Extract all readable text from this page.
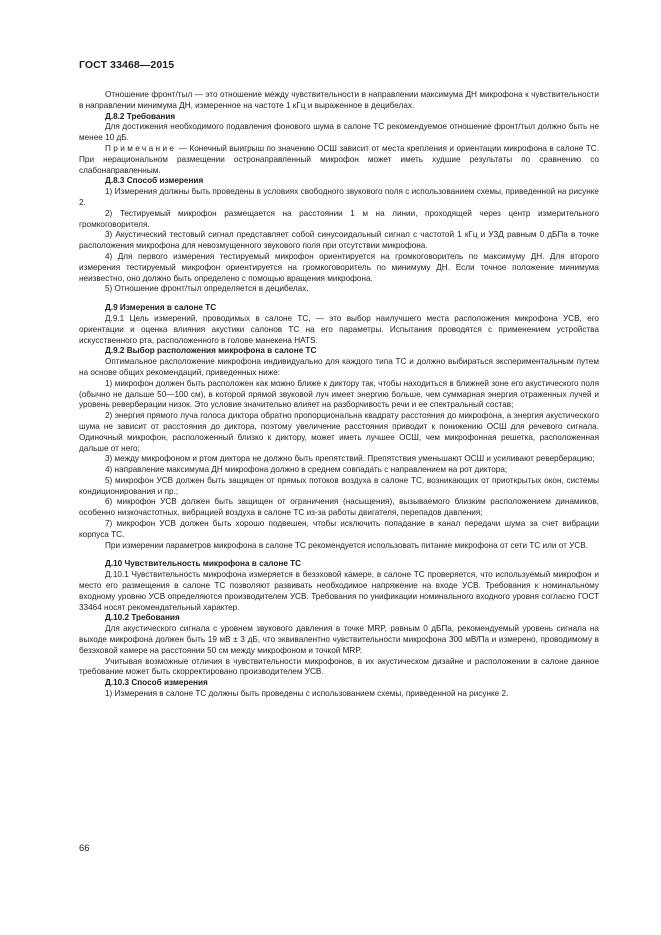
ГОСТ 33468—2015

Отношение фронт/тыл — это отношение между чувствительности в направлении максимума ДН микрофона к чувствительности в направлении минимума ДН, измеренное на частоте 1 кГц и выраженное в децибелах.

Д.8.2 Требования

Для достижения необходимого подавления фонового шума в салоне ТС рекомендуемое отношение фронт/тыл должно быть не менее 10 дБ.

Примечание — Конечный выигрыш по значению ОСШ зависит от места крепления и ориентации микрофона в салоне ТС. При нерациональном размещении остронаправленный микрофон может иметь худшие результаты по сравнению со слабонаправленным.

Д.8.3 Способ измерения

1) Измерения должны быть проведены в условиях свободного звукового поля с использованием схемы, приведенной на рисунке 2.

2) Тестируемый микрофон размещается на расстоянии 1 м на линии, проходящей через центр измерительного громкоговорителя.

3) Акустический тестовый сигнал представляет собой синусоидальный сигнал с частотой 1 кГц и УЗД равным 0 дБПа в точке расположения микрофона для невозмущенного звукового поля при отсутствии микрофона.

4) Для первого измерения тестируемый микрофон ориентируется на громкоговоритель по максимуму ДН. Для второго измерения тестируемый микрофон ориентируется на громкоговоритель по минимуму ДН. Если точное положение минимума неизвестно, оно должно быть определено с помощью вращения микрофона.

5) Отношение фронт/тыл определяется в децибелах.

Д.9 Измерения в салоне ТС

Д.9.1 Цель измерений, проводимых в салоне ТС, — это выбор наилучшего места расположения микрофона УСВ, его ориентации и оценка влияния акустики салонов ТС на его параметры. Испытания проводятся с применением устройства искусственного рта, расположенного в голове манекена HATS.

Д.9.2 Выбор расположения микрофона в салоне ТС

Оптимальное расположение микрофона индивидуально для каждого типа ТС и должно выбираться экспериментальным путем на основе общих рекомендаций, приведенных ниже:

1) микрофон должен быть расположен как можно ближе к диктору так, чтобы находиться в ближней зоне его акустического поля (обычно не дальше 50—100 см), в которой прямой звуковой луч имеет энергию больше, чем суммарная энергия отраженных лучей и уровень реверберации низок. Это условие значительно влияет на разборчивость речи и ее спектральный состав;

2) энергия прямого луча голоса диктора обратно пропорциональна квадрату расстояния до микрофона, а энергия акустического шума не зависит от расстояния до диктора, поэтому увеличение расстояния приводит к понижению ОСШ для речевого сигнала. Одиночный микрофон, расположенный близко к диктору, может иметь лучшее ОСШ, чем микрофонная решетка, расположенная дальше от него;

3) между микрофоном и ртом диктора не должно быть препятствий. Препятствия уменьшают ОСШ и усиливают реверберацию;

4) направление максимума ДН микрофона должно в среднем совпадать с направлением на рот диктора;

5) микрофон УСВ должен быть защищен от прямых потоков воздуха в салоне ТС, возникающих от приоткрытых окон, системы кондиционирования и пр.;

6) микрофон УСВ должен быть защищен от ограничения (насыщения), вызываемого близким расположением динамиков, особенно низкочастотных, вибрацией воздуха в салоне ТС из-за работы двигателя, перепадов давления;

7) микрофон УСВ должен быть хорошо подвешен, чтобы исключить попадание в канал передачи шума за счет вибрации корпуса ТС.

При измерении параметров микрофона в салоне ТС рекомендуется использовать питание микрофона от сети ТС или от УСВ.

Д.10 Чувствительность микрофона в салоне ТС

Д.10.1 Чувствительность микрофона измеряется в безэховой камере, в салоне ТС проверяется, что используемый микрофон и место его размещения в салоне ТС позволяют развивать необходимое напряжение на входе УСВ. Требования к номинальному входному уровню УСВ определяются производителем УСВ. Требования по унификации номинального входного уровня согласно ГОСТ 33464 носят рекомендательный характер.

Д.10.2 Требования

Для акустического сигнала с уровнем звукового давления в точке MRP, равным 0 дБПа, рекомендуемый уровень сигнала на выходе микрофона должен быть 19 мВ ± 3 дБ, что эквивалентно чувствительности микрофона 300 мВ/Па и измерено, проводимому в безэховой камере на расстоянии 50 см между микрофоном и точкой MRP.

Учитывая возможные отличия в чувствительности микрофонов, в их акустическом дизайне и расположении в салоне данное требование может быть скорректировано производителем УСВ.

Д.10.3 Способ измерения

1) Измерения в салоне ТС должны быть проведены с использованием схемы, приведенной на рисунке 2.

66
